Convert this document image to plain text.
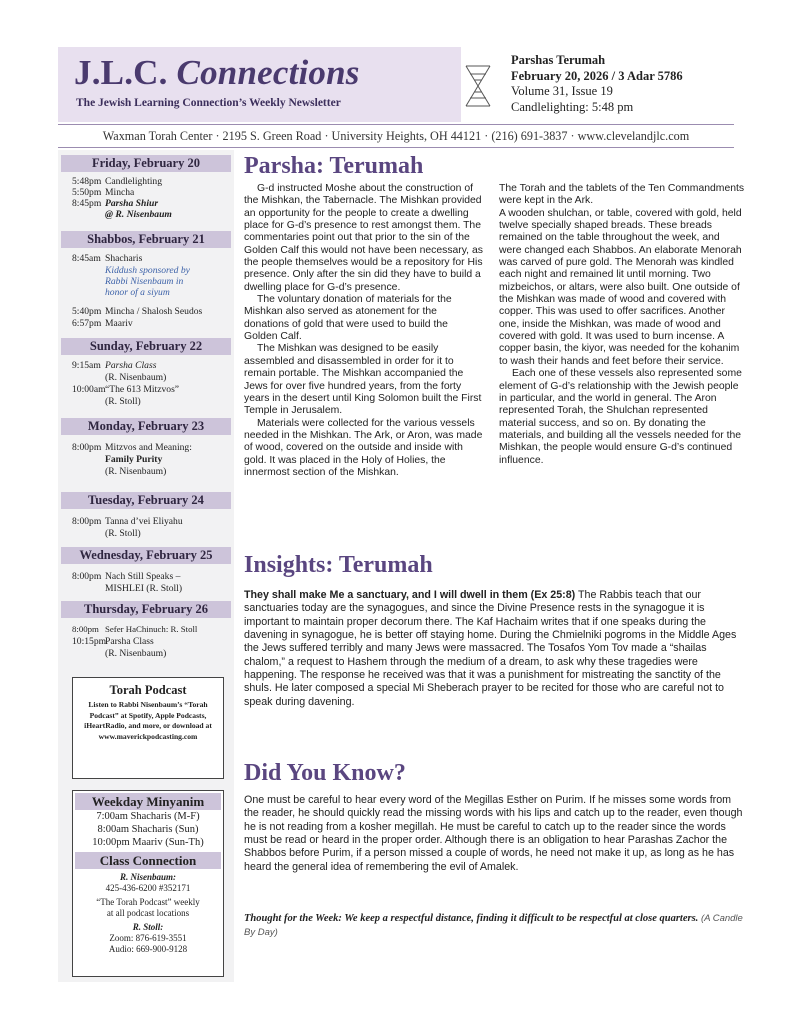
J.L.C. Connections
The Jewish Learning Connection’s Weekly Newsletter
Parshas Terumah
February 20, 2026 / 3 Adar 5786
Volume 31, Issue 19
Candlelighting: 5:48 pm
Waxman Torah Center · 2195 S. Green Road · University Heights, OH 44121 · (216) 691-3837 · www.clevelandjlc.com
Friday, February 20
5:48pm Candlelighting
5:50pm Mincha
8:45pm Parsha Shiur
@ R. Nisenbaum
Shabbos, February 21
8:45am Shacharis
Kiddush sponsored by
Rabbi Nisenbaum in
honor of a siyum
5:40pm Mincha / Shalosh Seudos
6:57pm Maariv
Sunday, February 22
9:15am Parsha Class
(R. Nisenbaum)
10:00am“The 613 Mitzvos”
(R. Stoll)
Monday, February 23
8:00pm Mitzvos and Meaning:
Family Purity
(R. Nisenbaum)
Tuesday, February 24
8:00pm Tanna d’vei Eliyahu
(R. Stoll)
Wednesday, February 25
8:00pm Nach Still Speaks –
MISHLEI (R. Stoll)
Thursday, February 26
8:00pm Sefer HaChinuch: R. Stoll
10:15pmParsha Class
(R. Nisenbaum)
Torah Podcast
Listen to Rabbi Nisenbaum’s “Torah Podcast” at Spotify, Apple Podcasts, iHeartRadio, and more, or download at www.maverickpodcasting.com
Weekday Minyanim
7:00am Shacharis (M-F)
8:00am Shacharis (Sun)
10:00pm Maariv (Sun-Th)
Class Connection
R. Nisenbaum:
425-436-6200 #352171
“The Torah Podcast” weekly
at all podcast locations
R. Stoll:
Zoom: 876-619-3551
Audio: 669-900-9128
Parsha: Terumah

G-d instructed Moshe about the construction of the Mishkan, the Tabernacle. The Mishkan provided an opportunity for the people to create a dwelling place for G-d’s presence to rest amongst them. The commentaries point out that prior to the sin of the Golden Calf this would not have been necessary, as the people themselves would be a repository for His presence. Only after the sin did they have to build a dwelling place for G-d’s presence.

The voluntary donation of materials for the Mishkan also served as atonement for the donations of gold that were used to build the Golden Calf.

The Mishkan was designed to be easily assembled and disassembled in order for it to remain portable. The Mishkan accompanied the Jews for over five hundred years, from the forty years in the desert until King Solomon built the First Temple in Jerusalem.

Materials were collected for the various vessels needed in the Mishkan. The Ark, or Aron, was made of wood, covered on the outside and inside with gold. It was placed in the Holy of Holies, the innermost section of the Mishkan.

The Torah and the tablets of the Ten Commandments were kept in the Ark.

A wooden shulchan, or table, covered with gold, held twelve specially shaped breads. These breads remained on the table throughout the week, and were changed each Shabbos. An elaborate Menorah was carved of pure gold. The Menorah was kindled each night and remained lit until morning. Two mizbeichos, or altars, were also built. One outside of the Mishkan was made of wood and covered with copper. This was used to offer sacrifices. Another one, inside the Mishkan, was made of wood and covered with gold. It was used to burn incense. A copper basin, the kiyor, was needed for the kohanim to wash their hands and feet before their service.

Each one of these vessels also represented some element of G-d’s relationship with the Jewish people in particular, and the world in general. The Aron represented Torah, the Shulchan represented material success, and so on. By donating the materials, and building all the vessels needed for the Mishkan, the people would ensure G-d’s continued influence.

Insights: Terumah

They shall make Me a sanctuary, and I will dwell in them (Ex 25:8) The Rabbis teach that our sanctuaries today are the synagogues, and since the Divine Presence rests in the synagogue it is important to maintain proper decorum there. The Kaf Hachaim writes that if one speaks during the davening in synagogue, he is better off staying home. During the Chmielniki pogroms in the Middle Ages the Jews suffered terribly and many Jews were massacred. The Tosafos Yom Tov made a “shailas chalom,” a request to Hashem through the medium of a dream, to ask why these tragedies were happening. The response he received was that it was a punishment for mistreating the sanctity of the shuls. He later composed a special Mi Sheberach prayer to be recited for those who are careful not to speak during davening.

Did You Know?

One must be careful to hear every word of the Megillas Esther on Purim. If he misses some words from the reader, he should quickly read the missing words with his lips and catch up to the reader, even though he is not reading from a kosher megillah. He must be careful to catch up to the reader since the words must be read or heard in the proper order. Although there is an obligation to hear Parashas Zachor the Shabbos before Purim, if a person missed a couple of words, he need not make it up, as long as he has heard the general idea of remembering the evil of Amalek.

Thought for the Week: We keep a respectful distance, finding it difficult to be respectful at close quarters. (A Candle By Day)
